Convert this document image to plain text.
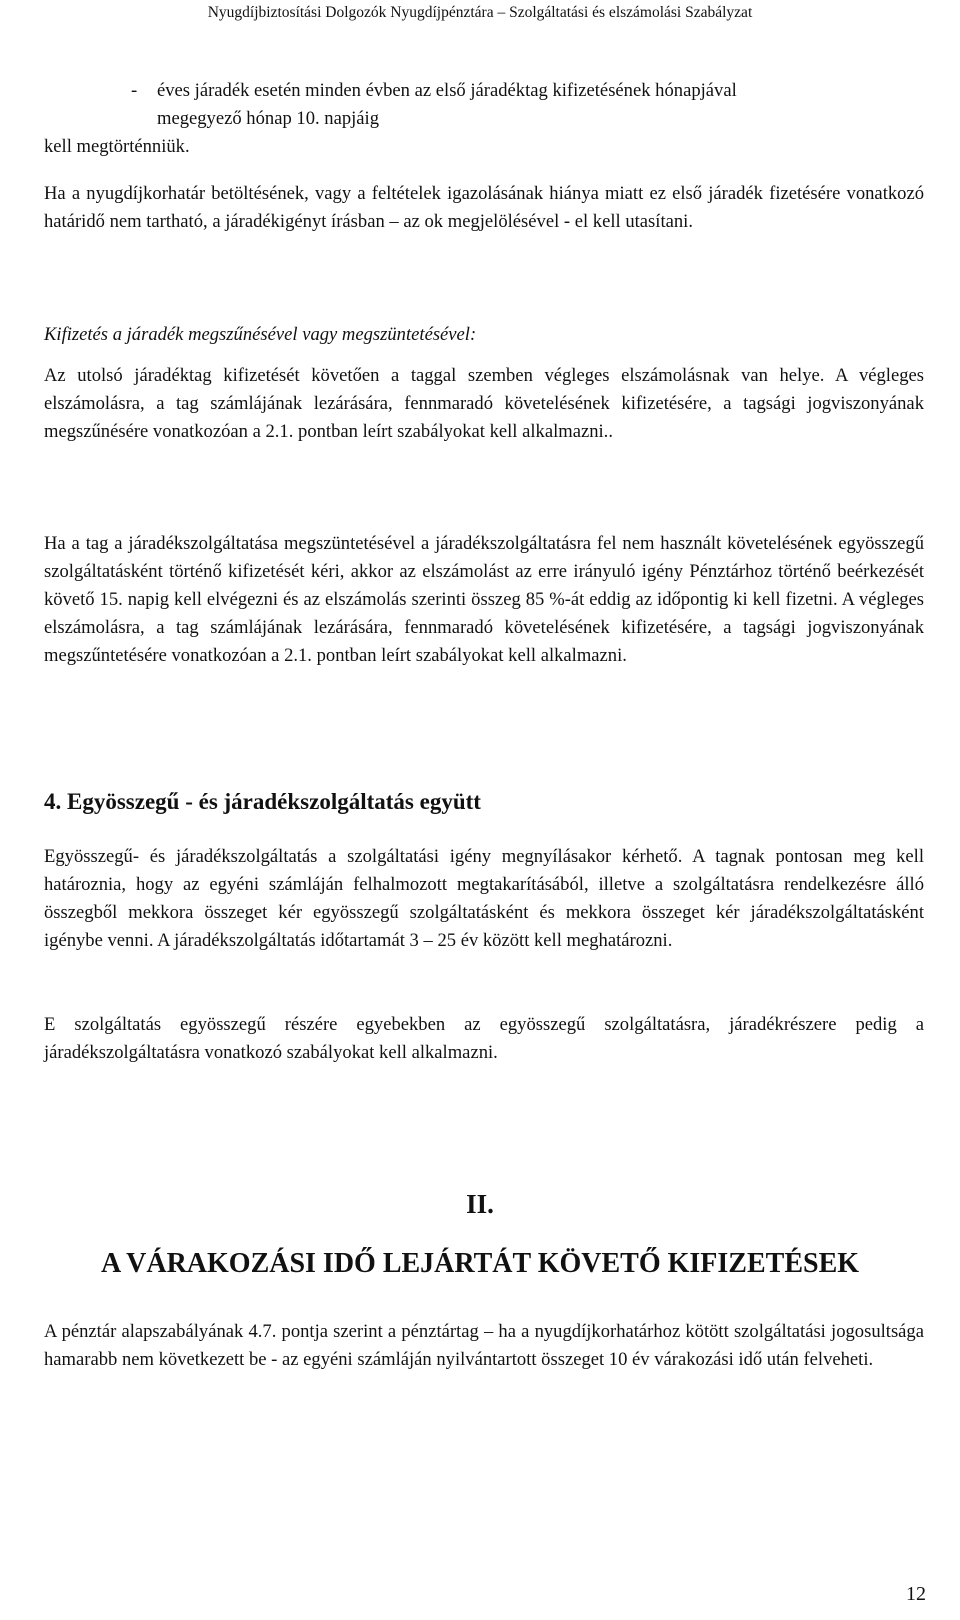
Nyugdíjbiztosítási Dolgozók Nyugdíjpénztára – Szolgáltatási és elszámolási Szabályzat
- éves járadék esetén minden évben az első járadéktag kifizetésének hónapjával
megegyező hónap 10. napjáig
kell megtörténniük.

Ha a nyugdíjkorhatár betöltésének, vagy a feltételek igazolásának hiánya miatt ez első járadék fizetésére vonatkozó határidő nem tartható, a járadékigényt írásban – az ok megjelölésével - el kell utasítani.

Kifizetés a járadék megszűnésével vagy megszüntetésével:

Az utolsó járadéktag kifizetését követően a taggal szemben végleges elszámolásnak van helye. A végleges elszámolásra, a tag számlájának lezárására, fennmaradó követelésének kifizetésére, a tagsági jogviszonyának megszűnésére vonatkozóan a 2.1. pontban leírt szabályokat kell alkalmazni..

Ha a tag a járadékszolgáltatása megszüntetésével a járadékszolgáltatásra fel nem használt követelésének egyösszegű szolgáltatásként történő kifizetését kéri, akkor az elszámolást az erre irányuló igény Pénztárhoz történő beérkezését követő 15. napig kell elvégezni és az elszámolás szerinti összeg 85 %-át eddig az időpontig ki kell fizetni. A végleges elszámolásra, a tag számlájának lezárására, fennmaradó követelésének kifizetésére, a tagsági jogviszonyának megszűntetésére vonatkozóan a 2.1. pontban leírt szabályokat kell alkalmazni.

4. Egyösszegű - és járadékszolgáltatás együtt

Egyösszegű- és járadékszolgáltatás a szolgáltatási igény megnyílásakor kérhető. A tagnak pontosan meg kell határoznia, hogy az egyéni számláján felhalmozott megtakarításából, illetve a szolgáltatásra rendelkezésre álló összegből mekkora összeget kér egyösszegű szolgáltatásként és mekkora összeget kér járadékszolgáltatásként igénybe venni. A járadékszolgáltatás időtartamát 3 – 25 év között kell meghatározni.

E szolgáltatás egyösszegű részére egyebekben az egyösszegű szolgáltatásra, járadékrészere pedig a járadékszolgáltatásra vonatkozó szabályokat kell alkalmazni.

II.
A VÁRAKOZÁSI IDŐ LEJÁRTÁT KÖVETŐ KIFIZETÉSEK

A pénztár alapszabályának 4.7. pontja szerint a pénztártag – ha a nyugdíjkorhatárhoz kötött szolgáltatási jogosultsága hamarabb nem következett be - az egyéni számláján nyilvántartott összeget 10 év várakozási idő után felveheti.

12
